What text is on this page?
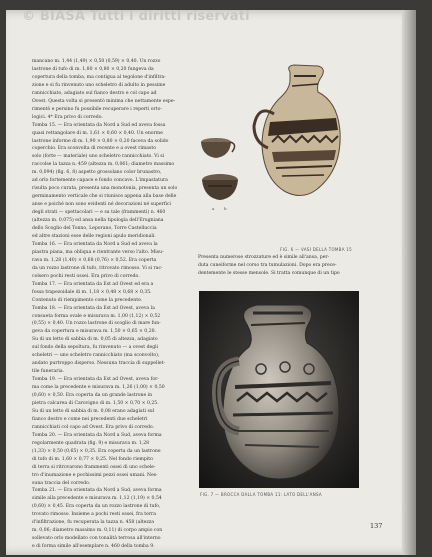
© BIASA Tutti i diritti riservati

mancano m. 1,44 (1,49) × 0,50 (0,59) × 0,40. Un rozzo

lastrone di tufo di m. 1,80 × 0,80 × 0,20 fungeva da

copertura della tomba, ma contigua al tegolone d'infiltra-

zione e si fu rinvenuto uno scheletro di adulto in pessime

rannicchiato, adagiato sul fianco destro e col capo ad

Ovest. Questa volta si presentò minima che nettamente espe-

rimentò e persino fu possibile recuperare i reperti orto-

logici. 4* Era privo di corredo.

Tomba 15. — Era orientata da Nord a Sud ed aveva fossa

quasi rettangolare di m. 1,61 × 0,60 × 0,40. Un enorme

lastrone informe di m. 1,90 × 0,80 × 0,20 faceva da solido

coperchio. Era sconvolta di recente e a ovest rimasto

solo (forte — materiale) uno scheletro rannicchiato. Vi si

raccolse la tazza n. 459 (altezza m. 0,061; diametro massimo

m. 0,094) (fig. 6, 8) aspetto grossolano color brunastro,

ad orlo fortemente capace e fondo concavo. L'impastatura

risulta poco curata, presenta una monotonia, presenta un solo

germinamento verticale che si riunisce appena alla base delle

anse e poiché non sono evidenti né decorazioni né superfici

degli strati — spettacolari — e su tale (frammenti) n. 460

(altezza m. 0,075) ed ansa nella tipologia dell'Erugniana

dello Scoglio del Tonno, Leporano, Torre Castelluccia

ed altre stazioni esse delle regioni apulo meridionali.

Tomba 16. — Era orientata da Nord a Sud ed aveva la

piastra piana, ma obliqua e rientrante verso l'alto. Misu-

rava m. 1,28 (1,40) × 0,68 (0,76) × 0,52. Era coperta

da un rozzo lastrone di tufo, ritrovato rimosso. Vi si rac-

colsero pochi resti ossei. Era privo di corredo.

Tomba 17. — Era orientata da Est ad Ovest ed era a

fossa trapezoidale di m. 1,18 × 0,48 × 0,68 × 0,35.

Contenuto di riempimento come la precedente.

Tomba 18. — Era orientata da Est ad Ovest, aveva la

consueta forma ovale e misurava m. 1,00 (1,12) × 0,52

(0,55) × 0,40. Un rozzo lastrone di scoglio di mare fun-

geva da copertura e misurava m. 1,50 × 0,65 × 0,20.

Su di un letto di sabbia di m. 0,05 di altezza, adagiato

sul fondo della sepoltura, fu rinvenuto — a ovest degli

scheletri — uno scheletro rannicchiato (ma sconvolto),

andato purtroppo disperso. Nessuna traccia di suppellet-

tile funeraria.

Tomba 19. — Era orientata da Est ad Ovest, aveva for-

ma come la precedente e misurava m. 1,26 (1,00) × 0,50

(0,60) × 0,50. Era coperta da un grande lastrone in

pietra calcarea di Carovigno di m. 1,50 × 0,70 × 0,25.

Su di un letto di sabbia di m. 0,08 erano adagiati sul

fianco destro e come nei precedenti due scheletri

rannicchiati col capo ad Ovest. Era privo di corredo.

Tomba 20. — Era orientata da Nord a Sud, aveva forma

regolarmente quadrata (fig. 9) e misurava m. 1,28

(1,33) × 0,50 (0,65) × 0,35. Era coperta da un lastrone

di tufo di m. 1,60 × 0,77 × 0,25. Nel fondo riempito

di terra si ritrovarono frammenti ossei di uno schele-

tro d'inumazione e pochissimi pezzi ossei umani. Nes-

suna traccia del corredo.

Tomba 21. — Era orientata da Nord a Sud, aveva forma

simile alla precedente e misurava m. 1,12 (1,19) × 0,54

(0,60) × 0,45. Era coperta da un rozzo lastrone di tufo,

trovato rimosso. Insieme a pochi resti ossei, fra terra

d'infiltrazione, fu recuperata la tazza n. 458 (altezza

m. 0,06; diametro massimo m. 0,11) di corpo ampio con

sollevato orlo modellato con tonalità terrosa all'interno

e di forma simile all'esemplare n. 460 della tomba 9.

a b
FIG. 6 — VASI DELLA TOMBA 15

Presenta numerose strozzature ed è simile all'ansa, per-

duta cuneiforme nel corso tra tumulazioni. Dopo era prece-

dentemente le stesse mensole. Si tratta comunque di un tipo

FIG. 7 — BROCCA DALLA TOMBA 11: LATO DELL'ANSA
137
